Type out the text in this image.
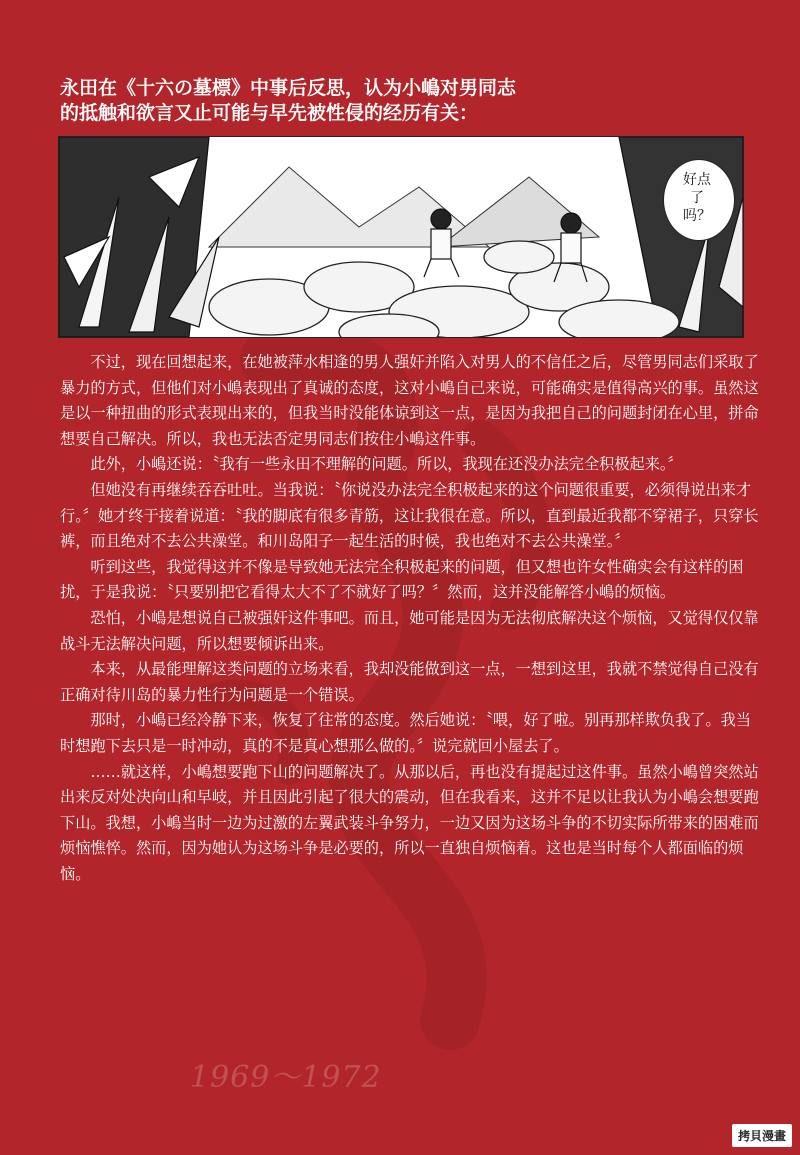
1969～1972
永田在《十六の墓標》中事后反思，认为小嶋对男同志
的抵触和欲言又止可能与早先被性侵的经历有关：
好点了吗？

不过，现在回想起来，在她被萍水相逢的男人强奸并陷入对男人的不信任之后，尽管男同志们采取了暴力的方式，但他们对小嶋表现出了真诚的态度，这对小嶋自己来说，可能确实是值得高兴的事。虽然这是以一种扭曲的形式表现出来的，但我当时没能体谅到这一点，是因为我把自己的问题封闭在心里，拼命想要自己解决。所以，我也无法否定男同志们按住小嶋这件事。

此外，小嶋还说：〝我有一些永田不理解的问题。所以，我现在还没办法完全积极起来。〞

但她没有再继续吞吞吐吐。当我说：〝你说没办法完全积极起来的这个问题很重要，必须得说出来才行。〞她才终于接着说道：〝我的脚底有很多青筋，这让我很在意。所以，直到最近我都不穿裙子，只穿长裤，而且绝对不去公共澡堂。和川岛阳子一起生活的时候，我也绝对不去公共澡堂。〞

听到这些，我觉得这并不像是导致她无法完全积极起来的问题，但又想也许女性确实会有这样的困扰，于是我说：〝只要别把它看得太大不了不就好了吗？〞然而，这并没能解答小嶋的烦恼。

恐怕，小嶋是想说自己被强奸这件事吧。而且，她可能是因为无法彻底解决这个烦恼，又觉得仅仅靠战斗无法解决问题，所以想要倾诉出来。

本来，从最能理解这类问题的立场来看，我却没能做到这一点，一想到这里，我就不禁觉得自己没有正确对待川岛的暴力性行为问题是一个错误。

那时，小嶋已经冷静下来，恢复了往常的态度。然后她说：〝喂，好了啦。别再那样欺负我了。我当时想跑下去只是一时冲动，真的不是真心想那么做的。〞说完就回小屋去了。

……就这样，小嶋想要跑下山的问题解决了。从那以后，再也没有提起过这件事。虽然小嶋曾突然站出来反对处决向山和早岐，并且因此引起了很大的震动，但在我看来，这并不足以让我认为小嶋会想要跑下山。我想，小嶋当时一边为过激的左翼武装斗争努力，一边又因为这场斗争的不切实际所带来的困难而烦恼憔悴。然而，因为她认为这场斗争是必要的，所以一直独自烦恼着。这也是当时每个人都面临的烦恼。

拷貝漫畫
